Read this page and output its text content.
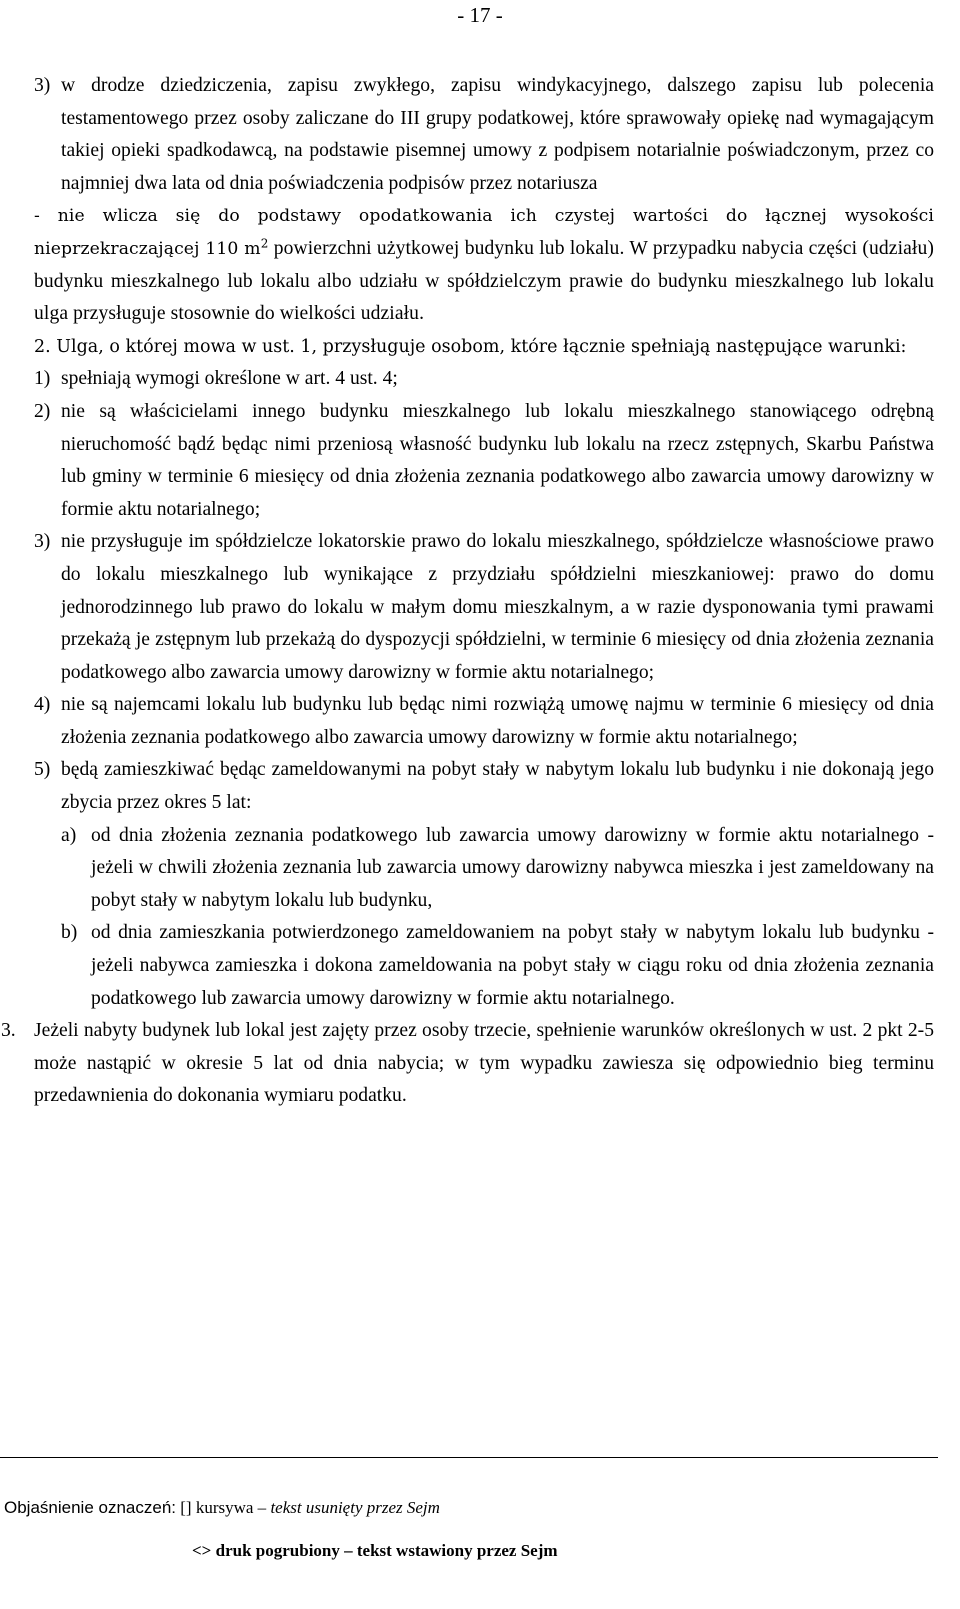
- 17 -
3) w drodze dziedziczenia, zapisu zwykłego, zapisu windykacyjnego, dalszego zapisu lub polecenia testamentowego przez osoby zaliczane do III grupy podatkowej, które sprawowały opiekę nad wymagającym takiej opieki spadkodawcą, na podstawie pisemnej umowy z podpisem notarialnie poświadczonym, przez co najmniej dwa lata od dnia poświadczenia podpisów przez notariusza

- nie wlicza się do podstawy opodatkowania ich czystej wartości do łącznej wysokości nieprzekraczającej 110 $m^2$ powierzchni użytkowej budynku lub lokalu. W przypadku nabycia części (udziału) budynku mieszkalnego lub lokalu albo udziału w spółdzielczym prawie do budynku mieszkalnego lub lokalu ulga przysługuje stosownie do wielkości udziału.

2. Ulga, o której mowa w ust. 1, przysługuje osobom, które łącznie spełniają następujące warunki:

1) spełniają wymogi określone w art. 4 ust. 4;
2) nie są właścicielami innego budynku mieszkalnego lub lokalu mieszkalnego stanowiącego odrębną nieruchomość bądź będąc nimi przeniosą własność budynku lub lokalu na rzecz zstępnych, Skarbu Państwa lub gminy w terminie 6 miesięcy od dnia złożenia zeznania podatkowego albo zawarcia umowy darowizny w formie aktu notarialnego;
3) nie przysługuje im spółdzielcze lokatorskie prawo do lokalu mieszkalnego, spółdzielcze własnościowe prawo do lokalu mieszkalnego lub wynikające z przydziału spółdzielni mieszkaniowej: prawo do domu jednorodzinnego lub prawo do lokalu w małym domu mieszkalnym, a w razie dysponowania tymi prawami przekażą je zstępnym lub przekażą do dyspozycji spółdzielni, w terminie 6 miesięcy od dnia złożenia zeznania podatkowego albo zawarcia umowy darowizny w formie aktu notarialnego;
4) nie są najemcami lokalu lub budynku lub będąc nimi rozwiążą umowę najmu w terminie 6 miesięcy od dnia złożenia zeznania podatkowego albo zawarcia umowy darowizny w formie aktu notarialnego;
5) będą zamieszkiwać będąc zameldowanymi na pobyt stały w nabytym lokalu lub budynku i nie dokonają jego zbycia przez okres 5 lat:
a) od dnia złożenia zeznania podatkowego lub zawarcia umowy darowizny w formie aktu notarialnego - jeżeli w chwili złożenia zeznania lub zawarcia umowy darowizny nabywca mieszka i jest zameldowany na pobyt stały w nabytym lokalu lub budynku,
b) od dnia zamieszkania potwierdzonego zameldowaniem na pobyt stały w nabytym lokalu lub budynku - jeżeli nabywca zamieszka i dokona zameldowania na pobyt stały w ciągu roku od dnia złożenia zeznania podatkowego lub zawarcia umowy darowizny w formie aktu notarialnego.
3. Jeżeli nabyty budynek lub lokal jest zajęty przez osoby trzecie, spełnienie warunków określonych w ust. 2 pkt 2-5 może nastąpić w okresie 5 lat od dnia nabycia; w tym wypadku zawiesza się odpowiednio bieg terminu przedawnienia do dokonania wymiaru podatku.
Objaśnienie oznaczeń: [] kursywa – tekst usunięty przez Sejm
<> druk pogrubiony – tekst wstawiony przez Sejm
